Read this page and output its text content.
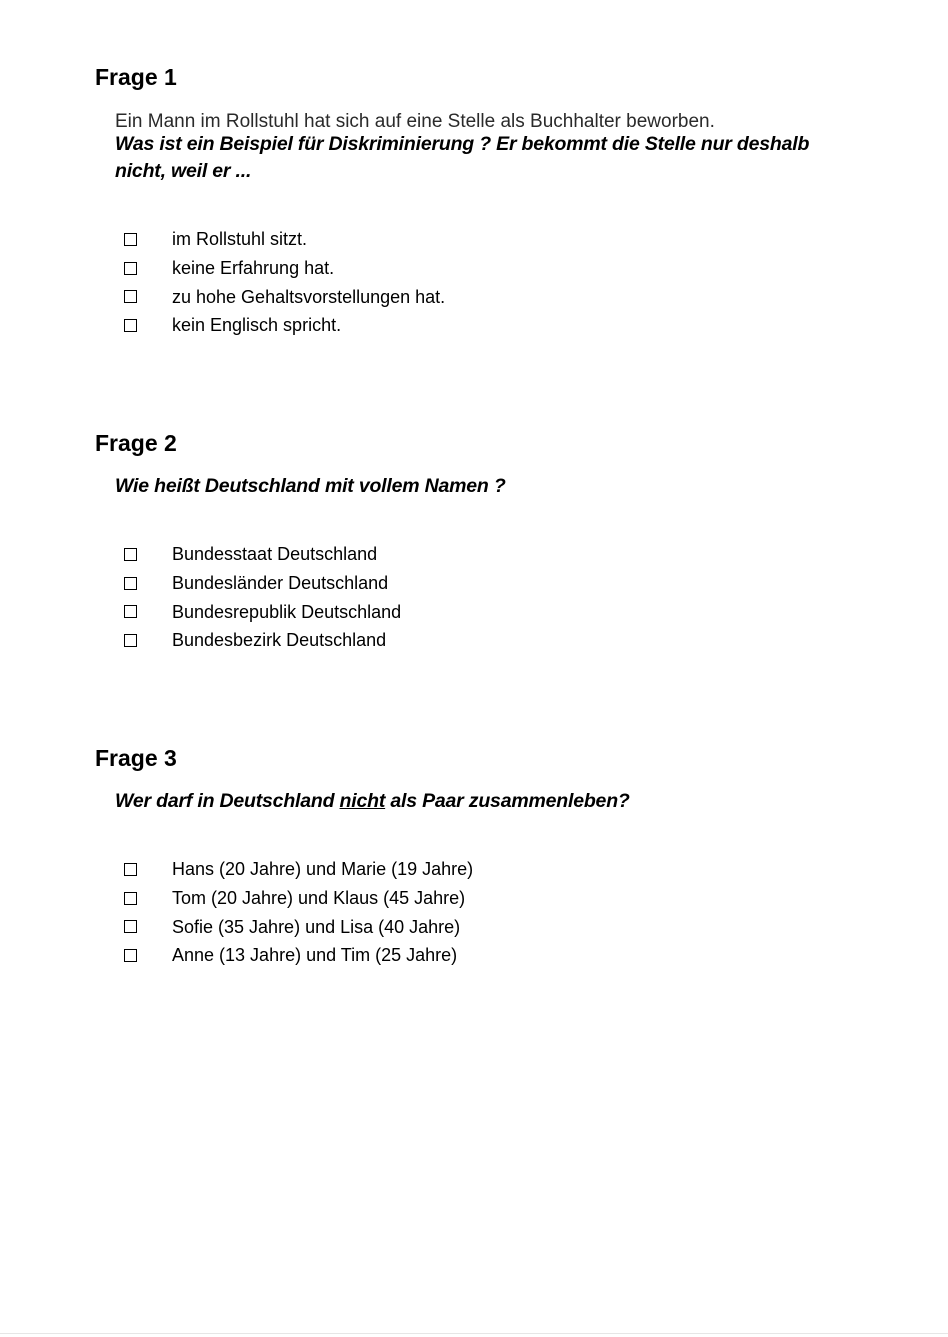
Frage 1
Ein Mann im Rollstuhl hat sich auf eine Stelle als Buchhalter beworben.
Was ist ein Beispiel für Diskriminierung ? Er bekommt die Stelle nur deshalb nicht, weil er ...
im Rollstuhl sitzt.
keine Erfahrung hat.
zu hohe Gehaltsvorstellungen hat.
kein Englisch spricht.
Frage 2
Wie heißt Deutschland mit vollem Namen ?
Bundesstaat Deutschland
Bundesländer Deutschland
Bundesrepublik Deutschland
Bundesbezirk Deutschland
Frage 3
Wer darf in Deutschland nicht als Paar zusammenleben?
Hans (20 Jahre) und Marie (19 Jahre)
Tom (20 Jahre) und Klaus (45 Jahre)
Sofie (35 Jahre) und Lisa (40 Jahre)
Anne (13 Jahre) und Tim (25 Jahre)
